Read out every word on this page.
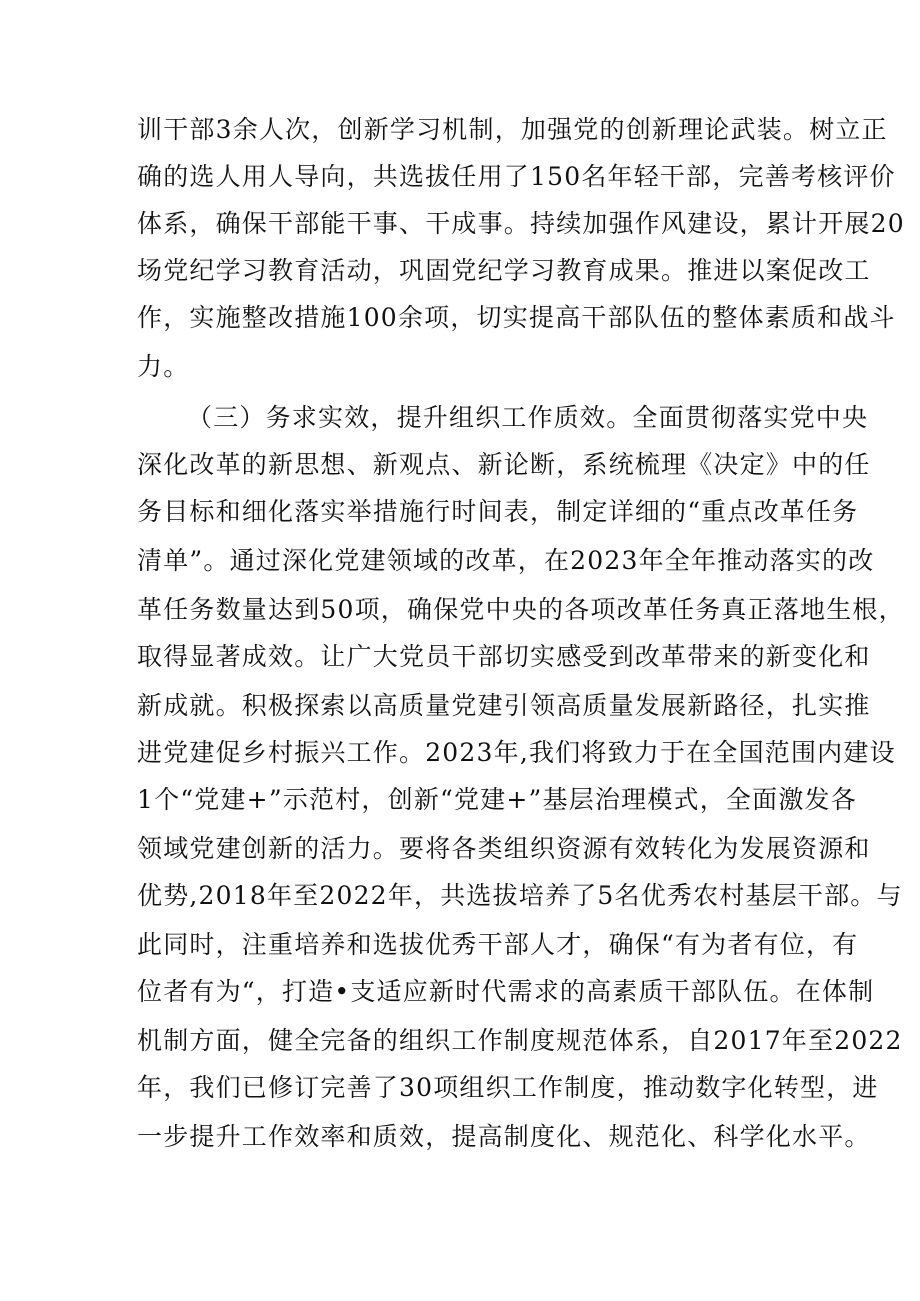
训干部3余人次，创新学习机制，加强党的创新理论武装。树立正
确的选人用人导向，共选拔任用了150名年轻干部，完善考核评价
体系，确保干部能干事、干成事。持续加强作风建设，累计开展20
场党纪学习教育活动，巩固党纪学习教育成果。推进以案促改工
作，实施整改措施100余项，切实提高干部队伍的整体素质和战斗
力。
（三）务求实效，提升组织工作质效。全面贯彻落实党中央
深化改革的新思想、新观点、新论断，系统梳理《决定》中的任
务目标和细化落实举措施行时间表，制定详细的“重点改革任务
清单”。通过深化党建领域的改革，在2023年全年推动落实的改
革任务数量达到50项，确保党中央的各项改革任务真正落地生根，
取得显著成效。让广大党员干部切实感受到改革带来的新变化和
新成就。积极探索以高质量党建引领高质量发展新路径，扎实推
进党建促乡村振兴工作。2023年,我们将致力于在全国范围内建设
1个“党建+”示范村，创新“党建+”基层治理模式，全面激发各
领域党建创新的活力。要将各类组织资源有效转化为发展资源和
优势,2018年至2022年，共选拔培养了5名优秀农村基层干部。与
此同时，注重培养和选拔优秀干部人才，确保“有为者有位，有
位者有为“，打造•支适应新时代需求的高素质干部队伍。在体制
机制方面，健全完备的组织工作制度规范体系，自2017年至2022
年，我们已修订完善了30项组织工作制度，推动数字化转型，进
一步提升工作效率和质效，提高制度化、规范化、科学化水平。
